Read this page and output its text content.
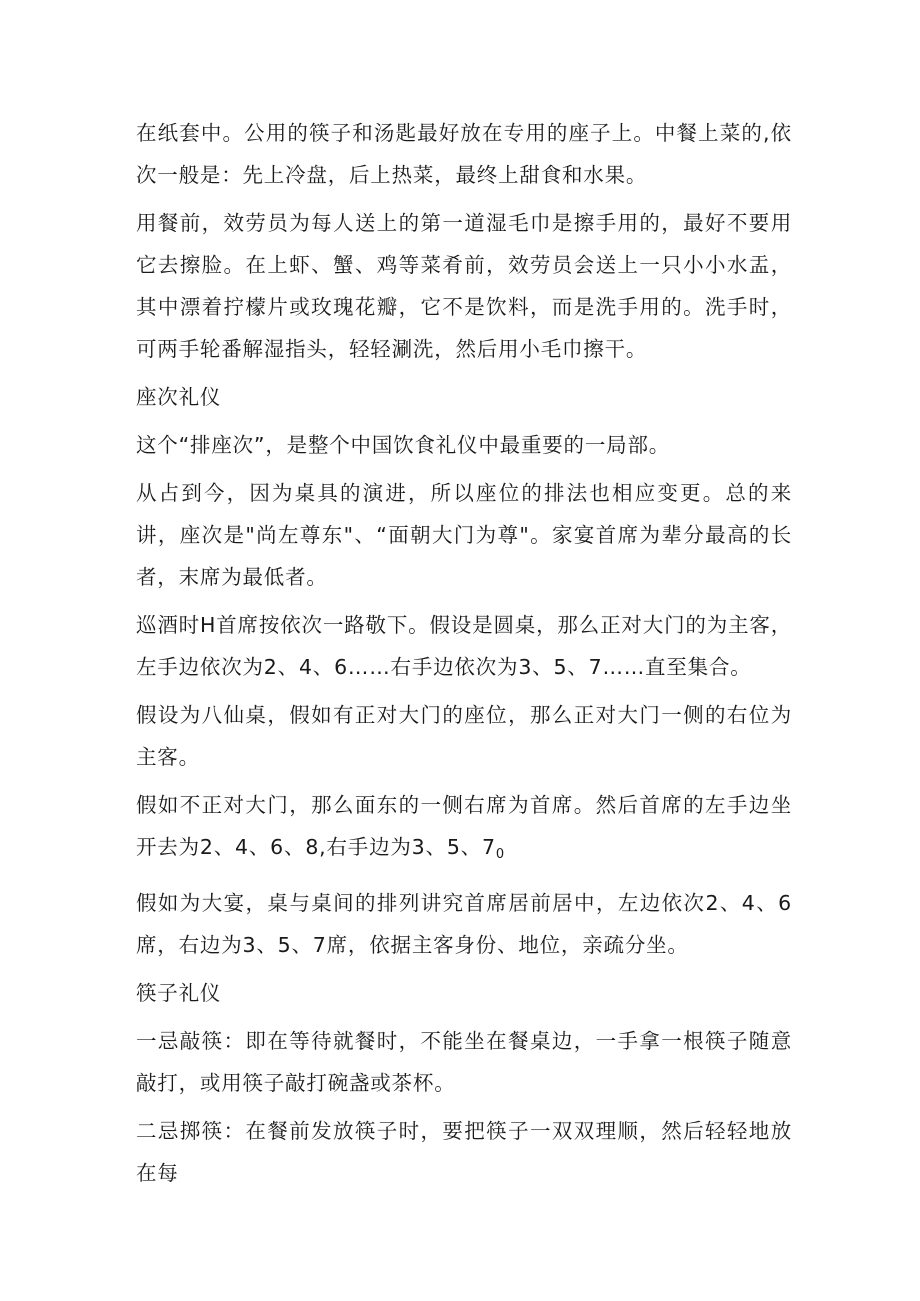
在纸套中。公用的筷子和汤匙最好放在专用的座子上。中餐上菜的,依次一般是：先上冷盘，后上热菜，最终上甜食和水果。

用餐前，效劳员为每人送上的第一道湿毛巾是擦手用的，最好不要用它去擦脸。在上虾、蟹、鸡等菜肴前，效劳员会送上一只小小水盂，其中漂着拧檬片或玫瑰花瓣，它不是饮料，而是洗手用的。洗手时，可两手轮番解湿指头，轻轻涮洗，然后用小毛巾擦干。

座次礼仪

这个“排座次”，是整个中国饮食礼仪中最重要的一局部。

从占到今，因为桌具的演进，所以座位的排法也相应变更。总的来讲，座次是"尚左尊东"、“面朝大门为尊"。家宴首席为辈分最高的长者，末席为最低者。

巡酒时H首席按依次一路敬下。假设是圆桌，那么正对大门的为主客，左手边依次为2、4、6……右手边依次为3、5、7……直至集合。

假设为八仙桌，假如有正对大门的座位，那么正对大门一侧的右位为主客。

假如不正对大门，那么面东的一侧右席为首席。然后首席的左手边坐开去为2、4、6、8,右手边为3、5、$7_0$

假如为大宴，桌与桌间的排列讲究首席居前居中，左边依次2、4、6席，右边为3、5、7席，依据主客身份、地位，亲疏分坐。

筷子礼仪

一忌敲筷：即在等待就餐时，不能坐在餐桌边，一手拿一根筷子随意敲打，或用筷子敲打碗盏或茶杯。

二忌掷筷：在餐前发放筷子时，要把筷子一双双理顺，然后轻轻地放在每
